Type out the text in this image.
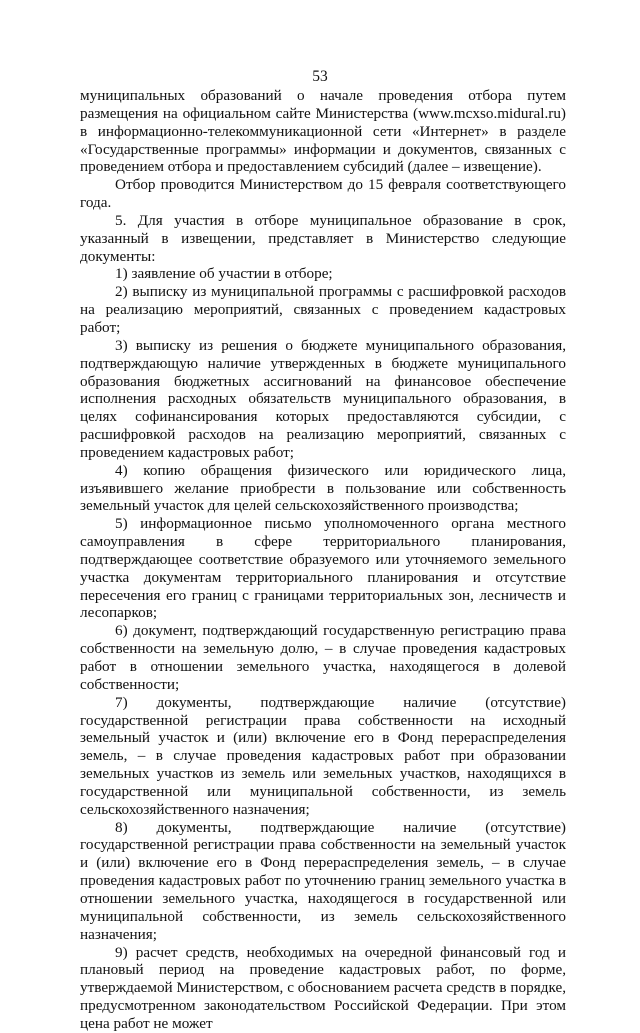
53

муниципальных образований о начале проведения отбора путем размещения на официальном сайте Министерства (www.mcxso.midural.ru) в информационно-телекоммуникационной сети «Интернет» в разделе «Государственные программы» информации и документов, связанных с проведением отбора и предоставлением субсидий (далее – извещение).

Отбор проводится Министерством до 15 февраля соответствующего года.

5. Для участия в отборе муниципальное образование в срок, указанный в извещении, представляет в Министерство следующие документы:

1) заявление об участии в отборе;

2) выписку из муниципальной программы с расшифровкой расходов на реализацию мероприятий, связанных с проведением кадастровых работ;

3) выписку из решения о бюджете муниципального образования, подтверждающую наличие утвержденных в бюджете муниципального образования бюджетных ассигнований на финансовое обеспечение исполнения расходных обязательств муниципального образования, в целях софинансирования которых предоставляются субсидии, с расшифровкой расходов на реализацию мероприятий, связанных с проведением кадастровых работ;

4) копию обращения физического или юридического лица, изъявившего желание приобрести в пользование или собственность земельный участок для целей сельскохозяйственного производства;

5) информационное письмо уполномоченного органа местного самоуправления в сфере территориального планирования, подтверждающее соответствие образуемого или уточняемого земельного участка документам территориального планирования и отсутствие пересечения его границ с границами территориальных зон, лесничеств и лесопарков;

6) документ, подтверждающий государственную регистрацию права собственности на земельную долю, – в случае проведения кадастровых работ в отношении земельного участка, находящегося в долевой собственности;

7) документы, подтверждающие наличие (отсутствие) государственной регистрации права собственности на исходный земельный участок и (или) включение его в Фонд перераспределения земель, – в случае проведения кадастровых работ при образовании земельных участков из земель или земельных участков, находящихся в государственной или муниципальной собственности, из земель сельскохозяйственного назначения;

8) документы, подтверждающие наличие (отсутствие) государственной регистрации права собственности на земельный участок и (или) включение его в Фонд перераспределения земель, – в случае проведения кадастровых работ по уточнению границ земельного участка в отношении земельного участка, находящегося в государственной или муниципальной собственности, из земель сельскохозяйственного назначения;

9) расчет средств, необходимых на очередной финансовый год и плановый период на проведение кадастровых работ, по форме, утверждаемой Министерством, с обоснованием расчета средств в порядке, предусмотренном законодательством Российской Федерации. При этом цена работ не может
